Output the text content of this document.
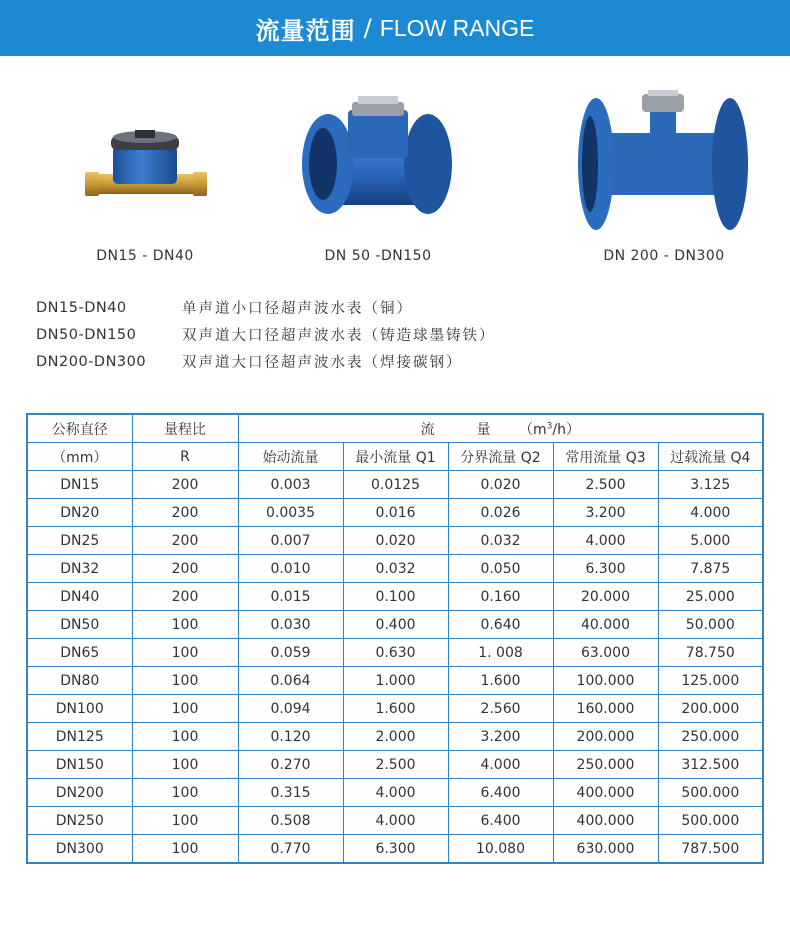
流量范围 / FLOW RANGE
DN15 - DN40	DN 50 -DN150	DN 200 - DN300
DN15-DN40	单声道小口径超声波水表（铜）
DN50-DN150	双声道大口径超声波水表（铸造球墨铸铁）
DN200-DN300	双声道大口径超声波水表（焊接碳钢）
公称直径	量程比	流　　　量 $(m^3/h)$				
（mm）	R	始动流量	最小流量 Q1	分界流量 Q2	常用流量 Q3	过载流量 Q4
DN15	200	0.003	0.0125	0.020	2.500	3.125
DN20	200	0.0035	0.016	0.026	3.200	4.000
DN25	200	0.007	0.020	0.032	4.000	5.000
DN32	200	0.010	0.032	0.050	6.300	7.875
DN40	200	0.015	0.100	0.160	20.000	25.000
DN50	100	0.030	0.400	0.640	40.000	50.000
DN65	100	0.059	0.630	1. 008	63.000	78.750
DN80	100	0.064	1.000	1.600	100.000	125.000
DN100	100	0.094	1.600	2.560	160.000	200.000
DN125	100	0.120	2.000	3.200	200.000	250.000
DN150	100	0.270	2.500	4.000	250.000	312.500
DN200	100	0.315	4.000	6.400	400.000	500.000
DN250	100	0.508	4.000	6.400	400.000	500.000
DN300	100	0.770	6.300	10.080	630.000	787.500
